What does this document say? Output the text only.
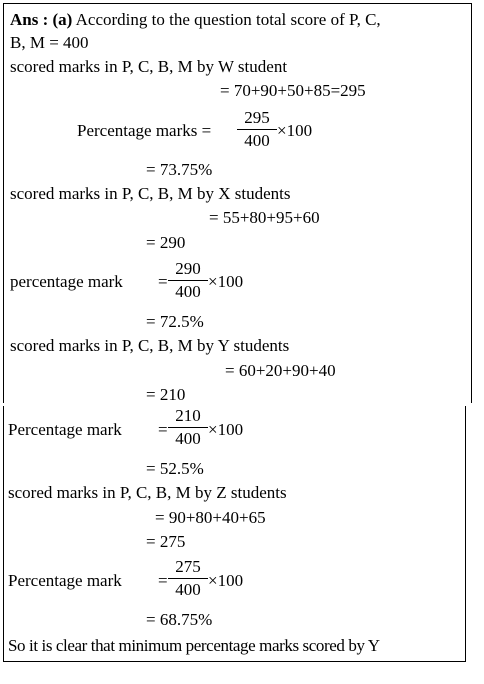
Ans : (a) According to the question total score of P, C,
B, M = 400
scored marks in P, C, B, M by W student
= 70+90+50+85=295
Percentage marks =
295
400
×100
= 73.75%
scored marks in P, C, B, M by X students
= 55+80+95+60
= 290
percentage mark =
290
400
×100
= 72.5%
scored marks in P, C, B, M by Y students
= 60+20+90+40
= 210
Percentage mark =
210
400 ×100
= 52.5%
scored marks in P, C, B, M by Z students
= 90+80+40+65
= 275
Percentage mark =
275
400 ×100
= 68.75%
So it is clear that minimum percentage marks scored by Y
